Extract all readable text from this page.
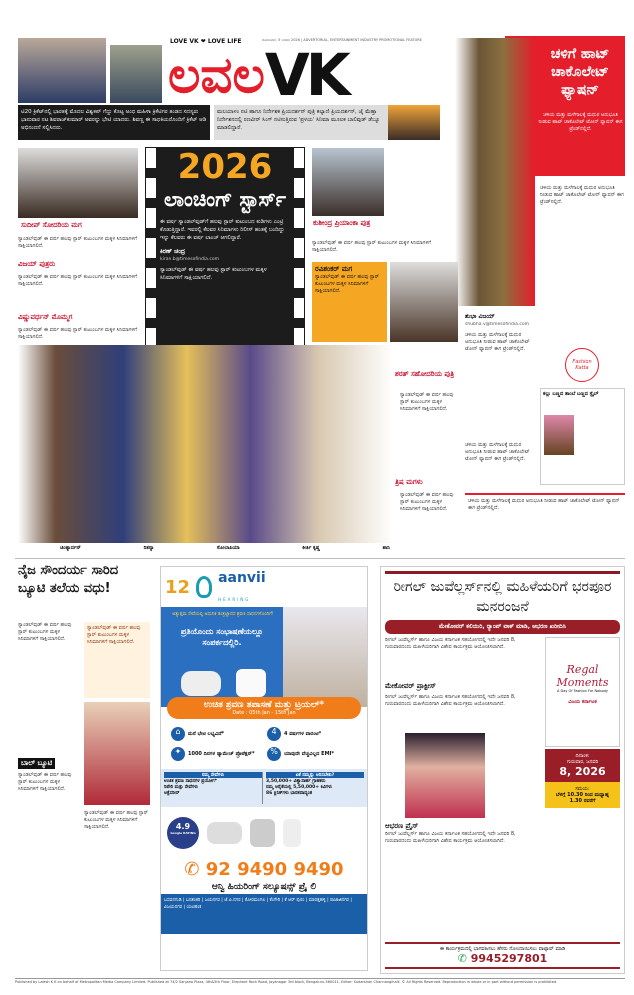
ಟಿ20 ಕ್ರಿಕೆಟ್‌ನಲ್ಲಿ ಭಾರತಕ್ಕೆ ಮೊದಲ ವಿಶ್ವಕಪ್ ಗೆದ್ದು ಕೊಟ್ಟ ಅಂಧ ಮಹಿಳಾ ಕ್ರಿಕೆಟಿಗರ ತಂಡದ ಸದಸ್ಯರು ಭಾನುವಾರ ನಟ ಶಿವರಾಜ್‌ಕುಮಾರ್ ಅವರನ್ನು ಭೇಟಿ ಯಾದರು. ಶಿವಣ್ಣ ಈ ಸಾಧಕಿಯರೊಂದಿಗೆ ಕ್ರಿಕೆಟ್ ಆಡಿ ಅಭಿನಂದನೆ ಸಲ್ಲಿಸಿದರು.
LOVE VK ❤ LOVE LIFE	ಸೋಮವಾರ, 5 ಜನವರಿ 2026 | ADVERTORIAL, ENTERTAINMENT INDUSTRY PROMOTIONAL FEATURE
ಲವಲ VK
ಮಲಯಾಳಂ ನಟಿ ಹಾಗೂ ನಿರ್ದೇಶಕ ಪ್ರಿಯದರ್ಶನ್ ಪುತ್ರಿ ಕಲ್ಯಾಣಿ ಪ್ರಿಯದರ್ಶನ್, ಜೈ ಮೆಹ್ತಾ ನಿರ್ದೇಶನದಲ್ಲಿ ರಣವೀರ್ ಸಿಂಗ್ ನಟಿಸುತ್ತಿರುವ 'ಪ್ರಳಯ' ಸಿನಿಮಾ ಮೂಲಕ ಬಾಲಿವುಡ್ ಡೆಬ್ಯೂ ಮಾಡಲಿದ್ದಾರೆ.
ಚಳಿಗೆ ಹಾಟ್ ಚಾಕೊಲೇಟ್ ಫ್ಯಾಷನ್
ಚಳಿಯ ಮತ್ತು ಮಳೆಗಾಲಕ್ಕೆ ಮಧುರ ಅನುಭೂತಿ ನೀಡುವ ಹಾಟ್ ಚಾಕೊಲೇಟ್ ಟೋನ್ ಫ್ಯಾಷನ್ ಈಗ ಟ್ರೆಂಡ್‌ನಲ್ಲಿದೆ.
ಸುದೀಪ್ ಸೋದರಿಯ ಮಗ
ಸ್ಯಾಂಡಲ್‌ವುಡ್ ಈ ವರ್ಷ ಹಲವು ಸ್ಟಾರ್ ಕುಟುಂಬಗಳ ಮಕ್ಕಳ ಸಿನಿಮಾಗಳಿಗೆ ಸಾಕ್ಷಿಯಾಗಲಿದೆ.
ವಿಜಯ್ ಪುತ್ರರು
ಸ್ಯಾಂಡಲ್‌ವುಡ್ ಈ ವರ್ಷ ಹಲವು ಸ್ಟಾರ್ ಕುಟುಂಬಗಳ ಮಕ್ಕಳ ಸಿನಿಮಾಗಳಿಗೆ ಸಾಕ್ಷಿಯಾಗಲಿದೆ.
ವಿಷ್ಣುವರ್ಧನ್ ಮೊಮ್ಮಗ
ಸ್ಯಾಂಡಲ್‌ವುಡ್ ಈ ವರ್ಷ ಹಲವು ಸ್ಟಾರ್ ಕುಟುಂಬಗಳ ಮಕ್ಕಳ ಸಿನಿಮಾಗಳಿಗೆ ಸಾಕ್ಷಿಯಾಗಲಿದೆ.
2026
ಲಾಂಚಿಂಗ್ ಸ್ಟಾರ್ಸ್
ಈ ವರ್ಷ ಸ್ಯಾಂಡಲ್‌ವುಡ್‌ಗೆ ಹಲವು ಸ್ಟಾರ್ ಕುಟುಂಬದ ಕುಡಿಗಳು ಎಂಟ್ರಿ ಕೊಡುತ್ತಿದ್ದಾರೆ. ಇವರಲ್ಲಿ ಕೆಲವರ ಸಿನಿಮಾಗಳು ರಿಲೀಸ್ ಹಂತಕ್ಕೆ ಬಂದಿದ್ದು ಇನ್ನು ಕೆಲವರು ಈ ವರ್ಷ ಲಾಂಚ್ ಆಗಲಿದ್ದಾರೆ.
ಕಿರಣ್ ಚಂದ್ರ
kiran.b@timesofindia.com
ಸ್ಯಾಂಡಲ್‌ವುಡ್ ಈ ವರ್ಷ ಹಲವು ಸ್ಟಾರ್ ಕುಟುಂಬಗಳ ಮಕ್ಕಳ ಸಿನಿಮಾಗಳಿಗೆ ಸಾಕ್ಷಿಯಾಗಲಿದೆ.
ಕುಶೀಂದ್ರ ಪ್ರಿಯಾಂಕಾ ಪುತ್ರ
ಸ್ಯಾಂಡಲ್‌ವುಡ್ ಈ ವರ್ಷ ಹಲವು ಸ್ಟಾರ್ ಕುಟುಂಬಗಳ ಮಕ್ಕಳ ಸಿನಿಮಾಗಳಿಗೆ ಸಾಕ್ಷಿಯಾಗಲಿದೆ.
ರವಿಶಂಕರ್ ಮಗ
ಸ್ಯಾಂಡಲ್‌ವುಡ್ ಈ ವರ್ಷ ಹಲವು ಸ್ಟಾರ್ ಕುಟುಂಬಗಳ ಮಕ್ಕಳ ಸಿನಿಮಾಗಳಿಗೆ ಸಾಕ್ಷಿಯಾಗಲಿದೆ.
ಶರತ್ ಸಹೋದರಿಯ ಪುತ್ರಿ
ಸ್ಯಾಂಡಲ್‌ವುಡ್ ಈ ವರ್ಷ ಹಲವು ಸ್ಟಾರ್ ಕುಟುಂಬಗಳ ಮಕ್ಕಳ ಸಿನಿಮಾಗಳಿಗೆ ಸಾಕ್ಷಿಯಾಗಲಿದೆ.
ತ್ರಿಷ ಮಗಳು
ಸ್ಯಾಂಡಲ್‌ವುಡ್ ಈ ವರ್ಷ ಹಲವು ಸ್ಟಾರ್ ಕುಟುಂಬಗಳ ಮಕ್ಕಳ ಸಿನಿಮಾಗಳಿಗೆ ಸಾಕ್ಷಿಯಾಗಲಿದೆ.
ಚಿಂತ್ಯಾರ್ದನ್	ರಿತನ್ಯಾ	ಸೋಲಾಪಿಯಾ	ಕೀರ್ತಿ ಕೃಷ್ಣ	ಶಾನಿ
ಚಳಿಯ ಮತ್ತು ಮಳೆಗಾಲಕ್ಕೆ ಮಧುರ ಅನುಭೂತಿ ನೀಡುವ ಹಾಟ್ ಚಾಕೊಲೇಟ್ ಟೋನ್ ಫ್ಯಾಷನ್ ಈಗ ಟ್ರೆಂಡ್‌ನಲ್ಲಿದೆ.
ಶುಭಾ ವಿಜಯ್
shubha.v@timesofindia.com
ಚಳಿಯ ಮತ್ತು ಮಳೆಗಾಲಕ್ಕೆ ಮಧುರ ಅನುಭೂತಿ ನೀಡುವ ಹಾಟ್ ಚಾಕೊಲೇಟ್ ಟೋನ್ ಫ್ಯಾಷನ್ ಈಗ ಟ್ರೆಂಡ್‌ನಲ್ಲಿದೆ.
Fashion Katta
ಚಳಿಯ ಮತ್ತು ಮಳೆಗಾಲಕ್ಕೆ ಮಧುರ ಅನುಭೂತಿ ನೀಡುವ ಹಾಟ್ ಚಾಕೊಲೇಟ್ ಟೋನ್ ಫ್ಯಾಷನ್ ಈಗ ಟ್ರೆಂಡ್‌ನಲ್ಲಿದೆ.
ಕಲ್ಲು ಬಣ್ಣದ ತಾಂಬೆ ಬಣ್ಣದ ಸ್ಟೈಲ್
ಚಳಿಯ ಮತ್ತು ಮಳೆಗಾಲಕ್ಕೆ ಮಧುರ ಅನುಭೂತಿ ನೀಡುವ ಹಾಟ್ ಚಾಕೊಲೇಟ್ ಟೋನ್ ಫ್ಯಾಷನ್ ಈಗ ಟ್ರೆಂಡ್‌ನಲ್ಲಿದೆ.
ನೈಜ ಸೌಂದರ್ಯ ಸಾರಿದ ಬ್ಯೂಟಿ ತಲೆಯ ವಧು!
ಸ್ಯಾಂಡಲ್‌ವುಡ್ ಈ ವರ್ಷ ಹಲವು ಸ್ಟಾರ್ ಕುಟುಂಬಗಳ ಮಕ್ಕಳ ಸಿನಿಮಾಗಳಿಗೆ ಸಾಕ್ಷಿಯಾಗಲಿದೆ.
ಸ್ಯಾಂಡಲ್‌ವುಡ್ ಈ ವರ್ಷ ಹಲವು ಸ್ಟಾರ್ ಕುಟುಂಬಗಳ ಮಕ್ಕಳ ಸಿನಿಮಾಗಳಿಗೆ ಸಾಕ್ಷಿಯಾಗಲಿದೆ.
ಬಾಲ್ ಬ್ಯೂಟಿ
ಸ್ಯಾಂಡಲ್‌ವುಡ್ ಈ ವರ್ಷ ಹಲವು ಸ್ಟಾರ್ ಕುಟುಂಬಗಳ ಮಕ್ಕಳ ಸಿನಿಮಾಗಳಿಗೆ ಸಾಕ್ಷಿಯಾಗಲಿದೆ.
ಸ್ಯಾಂಡಲ್‌ವುಡ್ ಈ ವರ್ಷ ಹಲವು ಸ್ಟಾರ್ ಕುಟುಂಬಗಳ ಮಕ್ಕಳ ಸಿನಿಮಾಗಳಿಗೆ ಸಾಕ್ಷಿಯಾಗಲಿದೆ.
12 aanvii
HEARING
ಅತ್ಯುತ್ತಮ ಸೇವೆಯಲ್ಲಿ ಅಧುನಿಕ ತಂತ್ರಜ್ಞಾನದ ಶ್ರವಣ ಸಾಧನಗಳೊಂದಿಗೆ!
ಪ್ರತಿಯೊಂದು ಸಂಭಾಷಣೆಯಲ್ಲೂ ಸಂಪರ್ಕದಲ್ಲಿರಿ.
ಉಚಿತ ಶ್ರವಣ ತಪಾಸಣೆ ಮತ್ತು ಟ್ರಯಲ್*
Date : 05th Jan - 15th Jan
⌂	ಮನೆ ಭೇಟಿ ಲಭ್ಯವಿದೆ*	4	4 ವರ್ಷಗಳ ವಾರಂಟಿ*
✦	1000 ದಿನಗಳ ಡ್ಯಾಮೇಜ್ ಪ್ರೊಟೆಕ್ಷನ್*	%	ಯಾವುದೇ ವೆಚ್ಚವಿಲ್ಲದ EMI*
ನಮ್ಮ ಸೇವೆಗಳು
ಉಚಿತ ಶ್ರವಣ ಸಾಧನಗಳ ಪ್ರಯೋಗ*
ರಿಪೇರಿ ಮತ್ತು ಸೇವೆಗಳು
ಆಕ್ಸೆಸರೀಸ್
ಏಕೆ ನಮ್ಮನ್ನು ಆರಿಸಬೇಕು?
3,50,000+ ವಿಶ್ವಾಸಾರ್ಹ ಗ್ರಾಹಕರು
ನಮ್ಮ ಆರೈಕೆಯಲ್ಲಿ 5,50,000+ ಕಿವಿಗಳು
86 ಕ್ಲಿನಿಕ್‌ಗಳು ಭಾರತದಾದ್ಯಂತ
4.9
Google RATING
✆ 92 9490 9490
ಆನ್ವಿ ಹಿಯರಿಂಗ್ ಸಲ್ಯೂಷನ್ಸ್ ಪ್ರೈ ಲಿ
ಬಸವನಗುಡಿ | ಬನಶಂಕರಿ | ಜಯನಗರ | ಜೆ.ಪಿ.ನಗರ | ಕೋರಮಂಗಲ | ಕೆಂಗೇರಿ | ಕೆ ಆರ್ ಪುರಂ | ಮಾರತ್ತಹಳ್ಳಿ | ರಾಜಾಜಿನಗರ | ವಿಜಯನಗರ | ಯಲಹಂಕ
ರೀಗಲ್ ಜುವೆಲ್ಲರ್ಸ್‌ನಲ್ಲಿ ಮಹಿಳೆಯರಿಗೆ ಭರಪೂರ ಮನರಂಜನೆ
ಮೇಕೋವರ್ ಕಲಿಯಿರಿ, ರ್‍ಯಾಂಪ್ ವಾಕ್ ಮಾಡಿ, ಆಭರಣ ಖರೀದಿಸಿ
ರೀಗಲ್ ಜುವೆಲ್ಲರ್ಸ್ ಹಾಗೂ ವಿಜಯ ಕರ್ನಾಟಕ ಸಹಯೋಗದಲ್ಲಿ ಇದೇ ಜನವರಿ 8, ಗುರುವಾರದಂದು ಮಹಿಳೆಯರಿಗಾಗಿ ವಿಶೇಷ ಕಾರ್ಯಕ್ರಮ ಆಯೋಜಿಸಲಾಗಿದೆ.
ಮೇಕೋವರ್ ಪ್ರಾಕ್ಟೀಸ್
ರೀಗಲ್ ಜುವೆಲ್ಲರ್ಸ್ ಹಾಗೂ ವಿಜಯ ಕರ್ನಾಟಕ ಸಹಯೋಗದಲ್ಲಿ ಇದೇ ಜನವರಿ 8, ಗುರುವಾರದಂದು ಮಹಿಳೆಯರಿಗಾಗಿ ವಿಶೇಷ ಕಾರ್ಯಕ್ರಮ ಆಯೋಜಿಸಲಾಗಿದೆ.
ಆಭರಣ ಪ್ರೈಸ್
ರೀಗಲ್ ಜುವೆಲ್ಲರ್ಸ್ ಹಾಗೂ ವಿಜಯ ಕರ್ನಾಟಕ ಸಹಯೋಗದಲ್ಲಿ ಇದೇ ಜನವರಿ 8, ಗುರುವಾರದಂದು ಮಹಿಳೆಯರಿಗಾಗಿ ವಿಶೇಷ ಕಾರ್ಯಕ್ರಮ ಆಯೋಜಿಸಲಾಗಿದೆ.
Regal Moments
A Day Of Fashion For Nobody
ವಿಜಯ ಕರ್ನಾಟಕ
ದಿನಾಂಕ:
ಗುರುವಾರ, ಜನವರಿ
8, 2026
ಸಮಯ:
ಬೆಳಗ್ಗೆ 10.30 ರಿಂದ ಮಧ್ಯಾಹ್ನ 1.30 ರವರೆಗೆ
ಈ ಕಾರ್ಯಕ್ರಮದಲ್ಲಿ ಭಾಗವಹಿಸಲು ಹೆಸರು ನೋಂದಾಯಿಸಲು ವಾಟ್ಸಾಪ್ ಮಾಡಿ
✆ 9945297801
Published by Lalesh K K on behalf of Metropolitan Media Company Limited. Published at 74/2 Sanjana Plaza, 4th&5th Floor, Elephant Rock Road, Jayanagar 3rd block, Bengaluru-560011. Editor: Sudarshan Channangihalli. © All Rights Reserved. Reproduction in whole or in part without permission is prohibited.
